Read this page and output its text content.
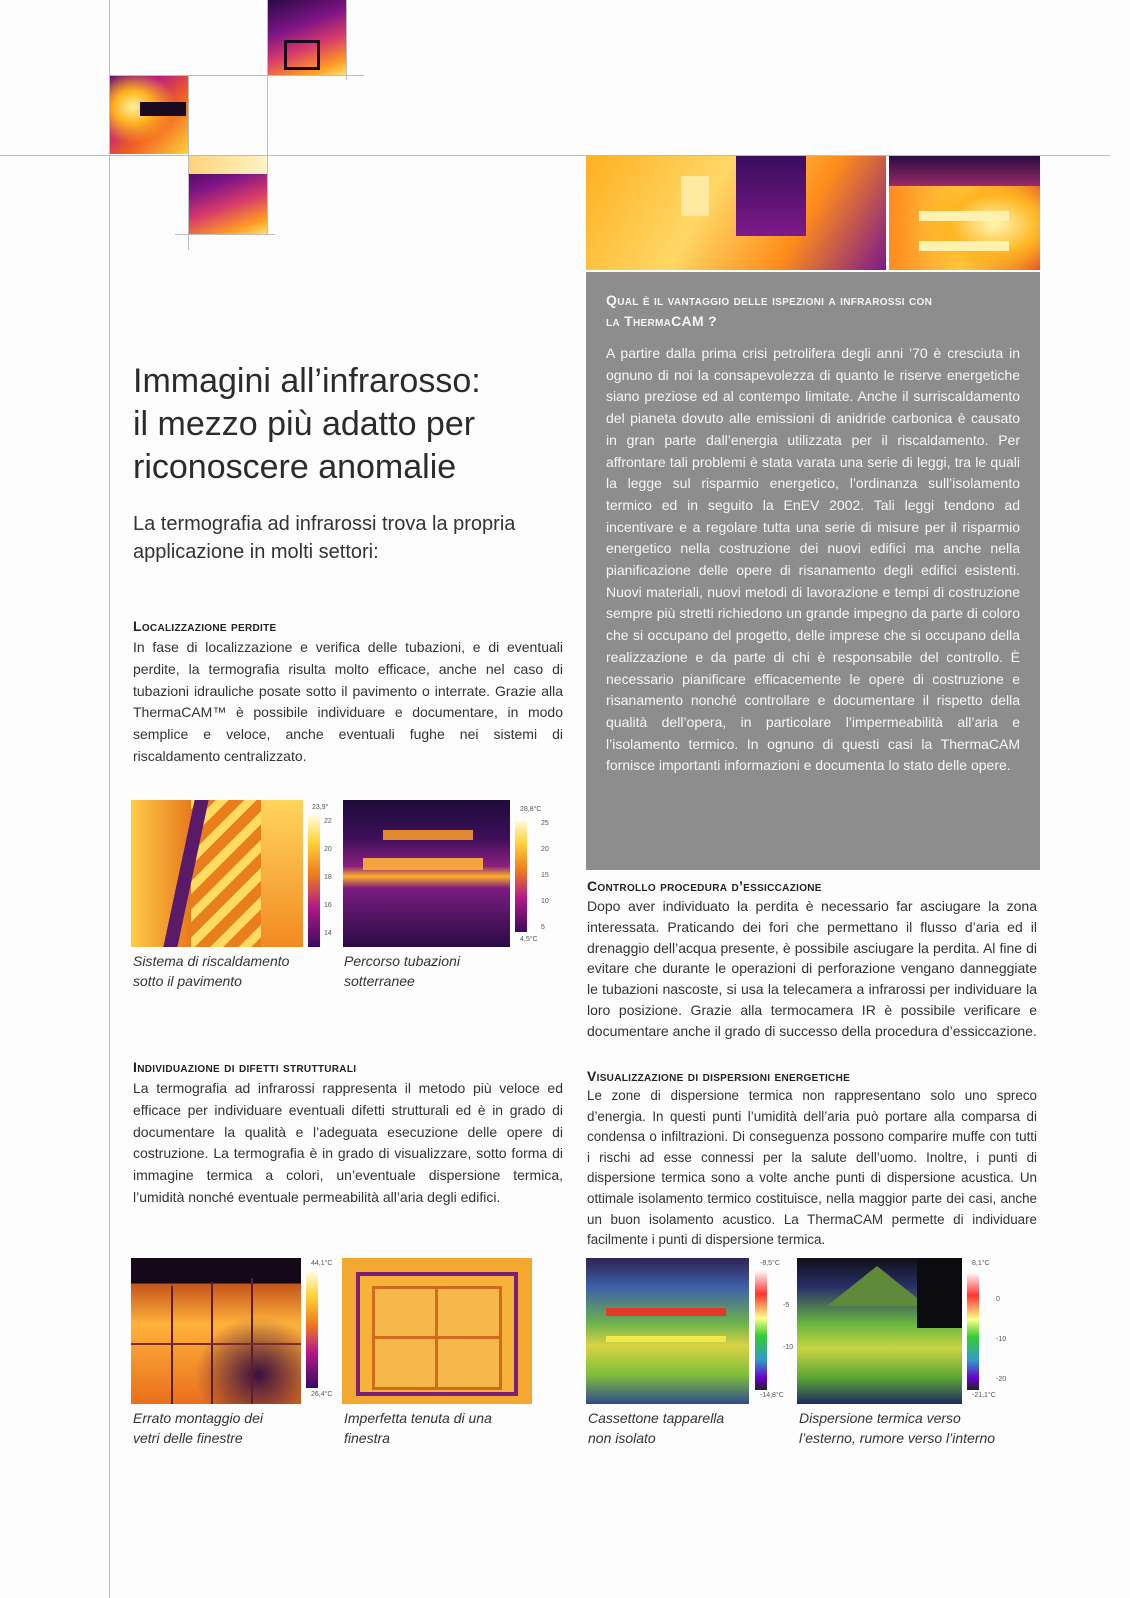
Immagini all’infrarosso:
il mezzo più adatto per
riconoscere anomalie

La termografia ad infrarossi trova la propria
applicazione in molti settori:

Localizzazione perdite

In fase di localizzazione e verifica delle tubazioni, e di eventuali perdite, la termografia risulta molto efficace, anche nel caso di tubazioni idrauliche posate sotto il pavimento o interrate. Grazie alla ThermaCAM™ è possibile individuare e documentare, in modo semplice e veloce, anche eventuali fughe nei sistemi di riscaldamento centralizzato.

23,9°
22
20
18
16
14
28,8°C
4,5°C
25
20
15
10
5

Sistema di riscaldamento
sotto il pavimento

Percorso tubazioni
sotterranee

Individuazione di difetti strutturali

La termografia ad infrarossi rappresenta il metodo più veloce ed efficace per individuare eventuali difetti strutturali ed è in grado di documentare la qualità e l’adeguata esecuzione delle opere di costruzione. La termografia è in grado di visualizzare, sotto forma di immagine termica a colori, un’eventuale dispersione termica, l’umidità nonché eventuale permeabilità all’aria degli edifici.

44,1°C
26,4°C

Errato montaggio dei
vetri delle finestre

Imperfetta tenuta di una
finestra

Qual è il vantaggio delle ispezioni a infrarossi con
la ThermaCAM ?

A partire dalla prima crisi petrolifera degli anni ’70 è cresciuta in ognuno di noi la consapevolezza di quanto le riserve energetiche siano preziose ed al contempo limitate. Anche il surriscaldamento del pianeta dovuto alle emissioni di anidride carbonica è causato in gran parte dall’energia utilizzata per il riscaldamento. Per affrontare tali problemi è stata varata una serie di leggi, tra le quali la legge sul risparmio energetico, l’ordinanza sull’isolamento termico ed in seguito la EnEV 2002. Tali leggi tendono ad incentivare e a regolare tutta una serie di misure per il risparmio energetico nella costruzione dei nuovi edifici ma anche nella pianificazione delle opere di risanamento degli edifici esistenti. Nuovi materiali, nuovi metodi di lavorazione e tempi di costruzione sempre più stretti richiedono un grande impegno da parte di coloro che si occupano del progetto, delle imprese che si occupano della realizzazione e da parte di chi è responsabile del controllo. È necessario pianificare efficacemente le opere di costruzione e risanamento nonché controllare e documentare il rispetto della qualità dell’opera, in particolare l’impermeabilità all’aria e l’isolamento termico. In ognuno di questi casi la ThermaCAM fornisce importanti informazioni e documenta lo stato delle opere.

Controllo procedura d’essiccazione

Dopo aver individuato la perdita è necessario far asciugare la zona interessata. Praticando dei fori che permettano il flusso d’aria ed il drenaggio dell’acqua presente, è possibile asciugare la perdita. Al fine di evitare che durante le operazioni di perforazione vengano danneggiate le tubazioni nascoste, si usa la telecamera a infrarossi per individuare la loro posizione. Grazie alla termocamera IR è possibile verificare e documentare anche il grado di successo della procedura d’essiccazione.

Visualizzazione di dispersioni energetiche

Le zone di dispersione termica non rappresentano solo uno spreco d’energia. In questi punti l’umidità dell’aria può portare alla comparsa di condensa o infiltrazioni. Di conseguenza possono comparire muffe con tutti i rischi ad esse connessi per la salute dell’uomo. Inoltre, i punti di dispersione termica sono a volte anche punti di dispersione acustica. Un ottimale isolamento termico costituisce, nella maggior parte dei casi, anche un buon isolamento acustico. La ThermaCAM permette di individuare facilmente i punti di dispersione termica.

-8,5°C
-14,8°C
-5
-10
8,1°C
-21,1°C
0
-10
-20

Cassettone tapparella
non isolato

Dispersione termica verso
l’esterno, rumore verso l’interno
